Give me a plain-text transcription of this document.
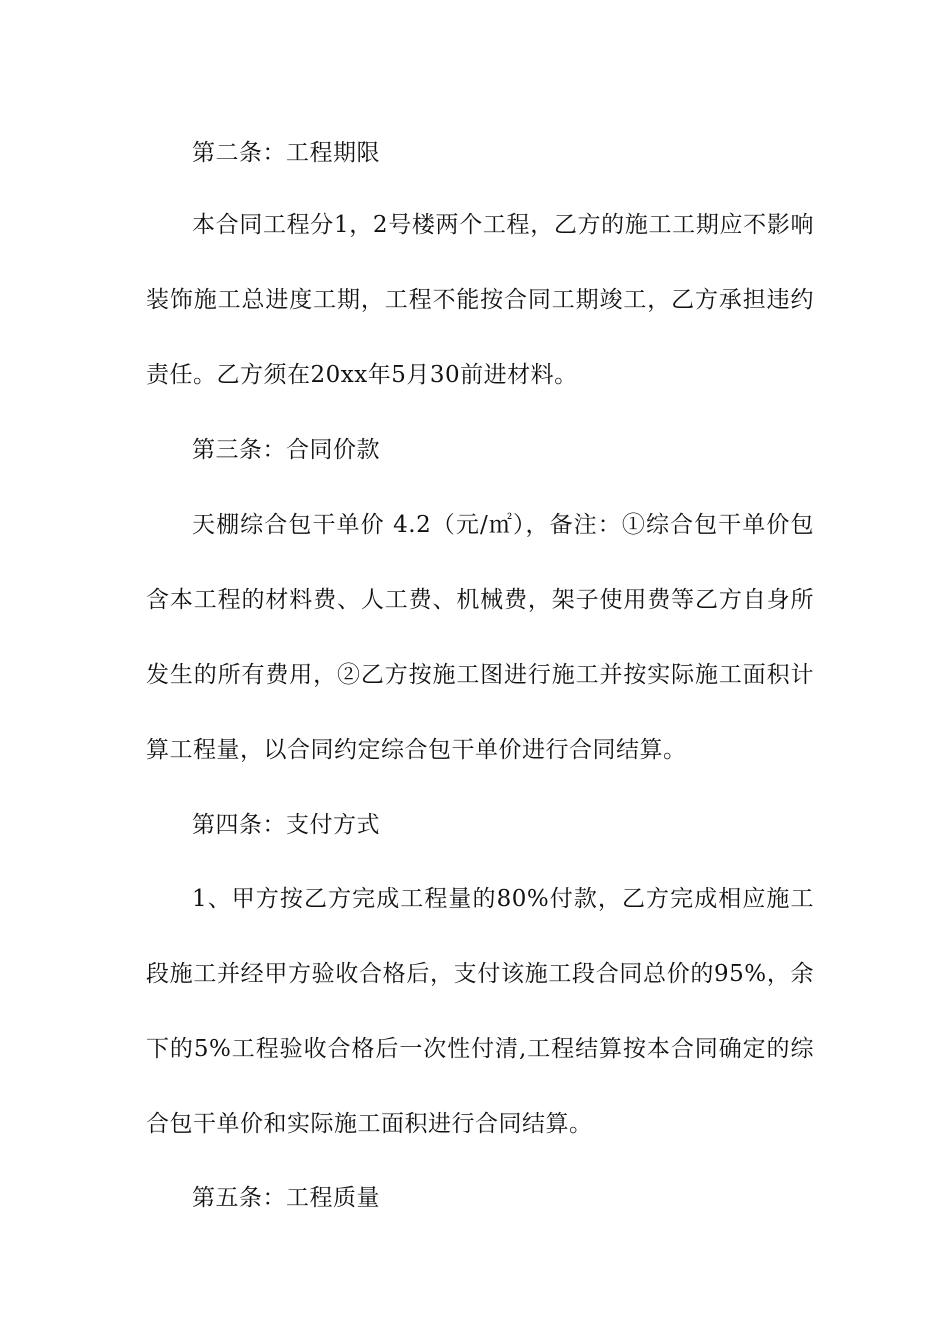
第二条：工程期限
本合同工程分1，2号楼两个工程，乙方的施工工期应不影响装饰施工总进度工期，工程不能按合同工期竣工，乙方承担违约责任。乙方须在20xx年5月30前进材料。
第三条：合同价款
天棚综合包干单价 4.2（元/㎡），备注：①综合包干单价包含本工程的材料费、人工费、机械费，架子使用费等乙方自身所发生的所有费用，②乙方按施工图进行施工并按实际施工面积计算工程量，以合同约定综合包干单价进行合同结算。
第四条：支付方式
1、甲方按乙方完成工程量的80%付款，乙方完成相应施工段施工并经甲方验收合格后，支付该施工段合同总价的95%，余下的5%工程验收合格后一次性付清,工程结算按本合同确定的综合包干单价和实际施工面积进行合同结算。
第五条：工程质量
